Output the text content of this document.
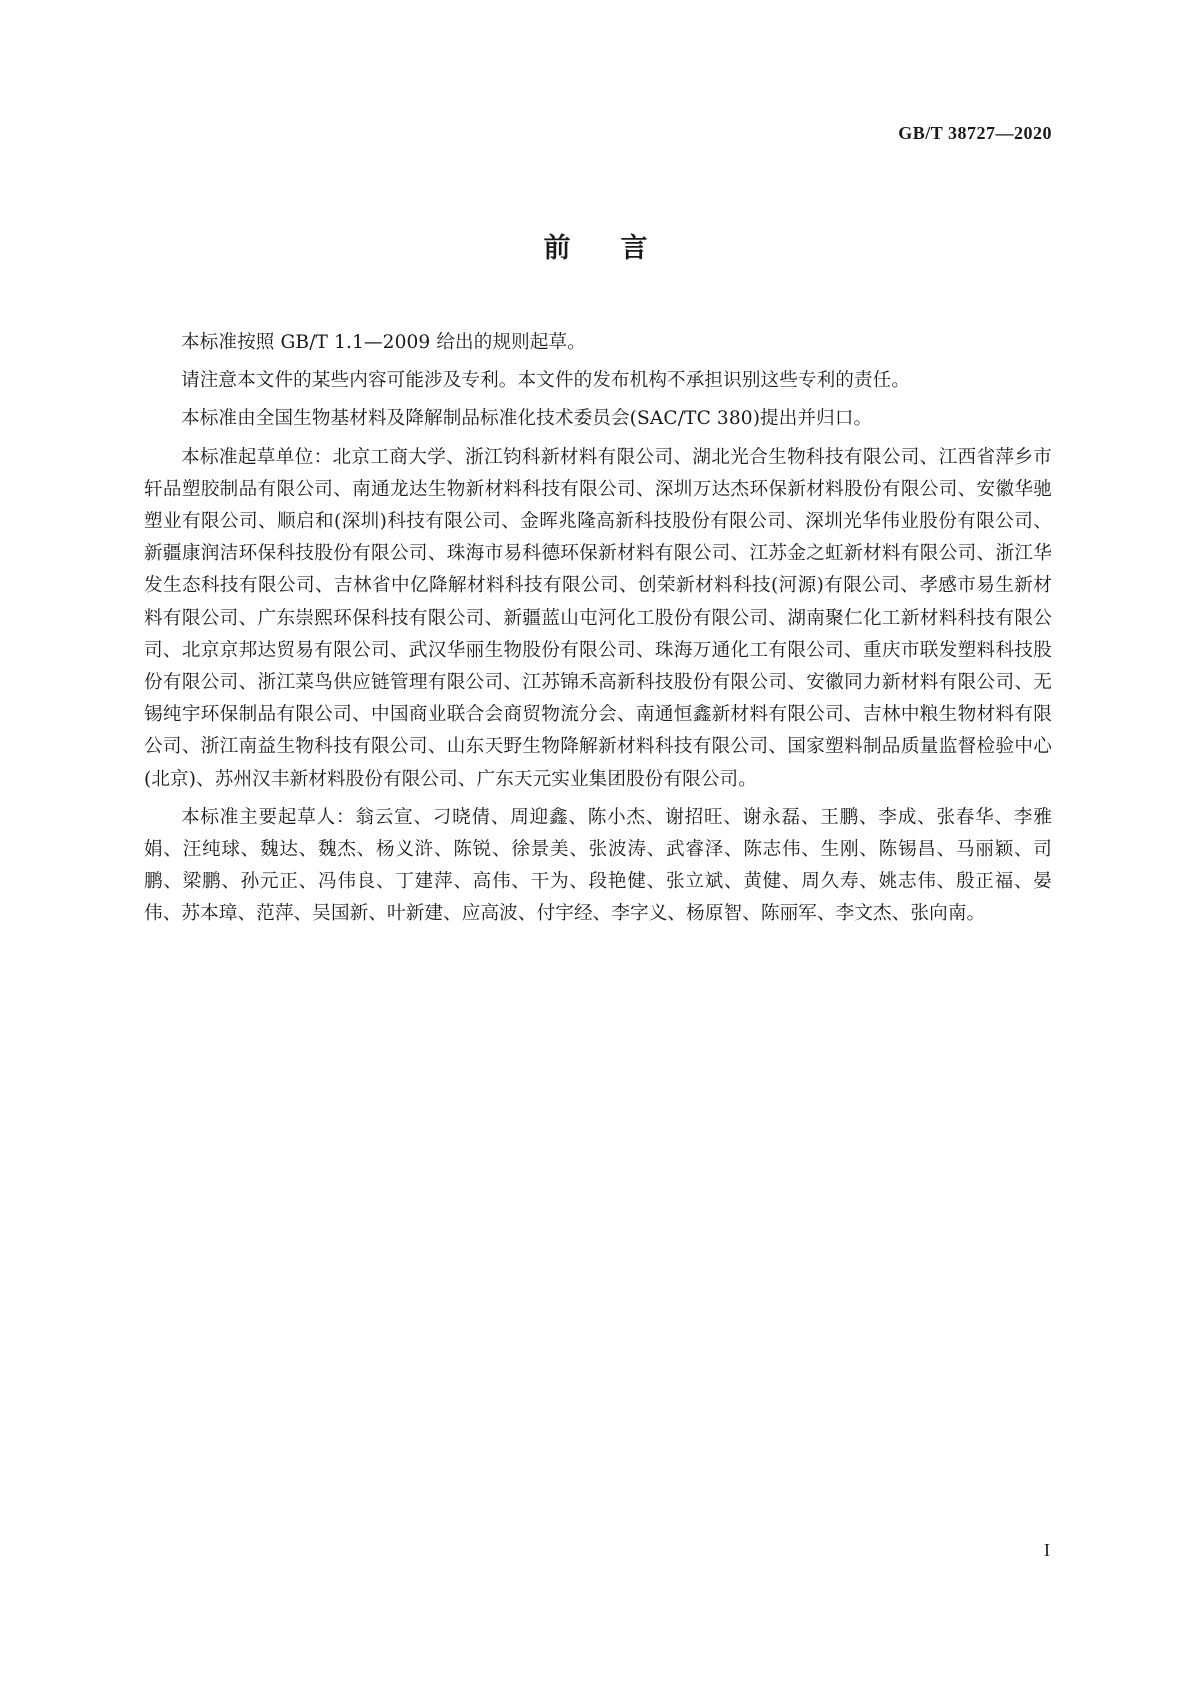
GB/T 38727—2020
前言

本标准按照 GB/T 1.1—2009 给出的规则起草。

请注意本文件的某些内容可能涉及专利。本文件的发布机构不承担识别这些专利的责任。

本标准由全国生物基材料及降解制品标准化技术委员会(SAC/TC 380)提出并归口。

本标准起草单位：北京工商大学、浙江钧科新材料有限公司、湖北光合生物科技有限公司、江西省萍乡市轩品塑胶制品有限公司、南通龙达生物新材料科技有限公司、深圳万达杰环保新材料股份有限公司、安徽华驰塑业有限公司、顺启和(深圳)科技有限公司、金晖兆隆高新科技股份有限公司、深圳光华伟业股份有限公司、新疆康润洁环保科技股份有限公司、珠海市易科德环保新材料有限公司、江苏金之虹新材料有限公司、浙江华发生态科技有限公司、吉林省中亿降解材料科技有限公司、创荣新材料科技(河源)有限公司、孝感市易生新材料有限公司、广东崇熙环保科技有限公司、新疆蓝山屯河化工股份有限公司、湖南聚仁化工新材料科技有限公司、北京京邦达贸易有限公司、武汉华丽生物股份有限公司、珠海万通化工有限公司、重庆市联发塑料科技股份有限公司、浙江菜鸟供应链管理有限公司、江苏锦禾高新科技股份有限公司、安徽同力新材料有限公司、无锡纯宇环保制品有限公司、中国商业联合会商贸物流分会、南通恒鑫新材料有限公司、吉林中粮生物材料有限公司、浙江南益生物科技有限公司、山东天野生物降解新材料科技有限公司、国家塑料制品质量监督检验中心(北京)、苏州汉丰新材料股份有限公司、广东天元实业集团股份有限公司。

本标准主要起草人：翁云宣、刁晓倩、周迎鑫、陈小杰、谢招旺、谢永磊、王鹏、李成、张春华、李雅娟、汪纯球、魏达、魏杰、杨义浒、陈锐、徐景美、张波涛、武睿泽、陈志伟、生刚、陈锡昌、马丽颖、司鹏、梁鹏、孙元正、冯伟良、丁建萍、高伟、干为、段艳健、张立斌、黄健、周久寿、姚志伟、殷正福、晏伟、苏本璋、范萍、吴国新、叶新建、应高波、付宇经、李字义、杨原智、陈丽军、李文杰、张向南。

I
